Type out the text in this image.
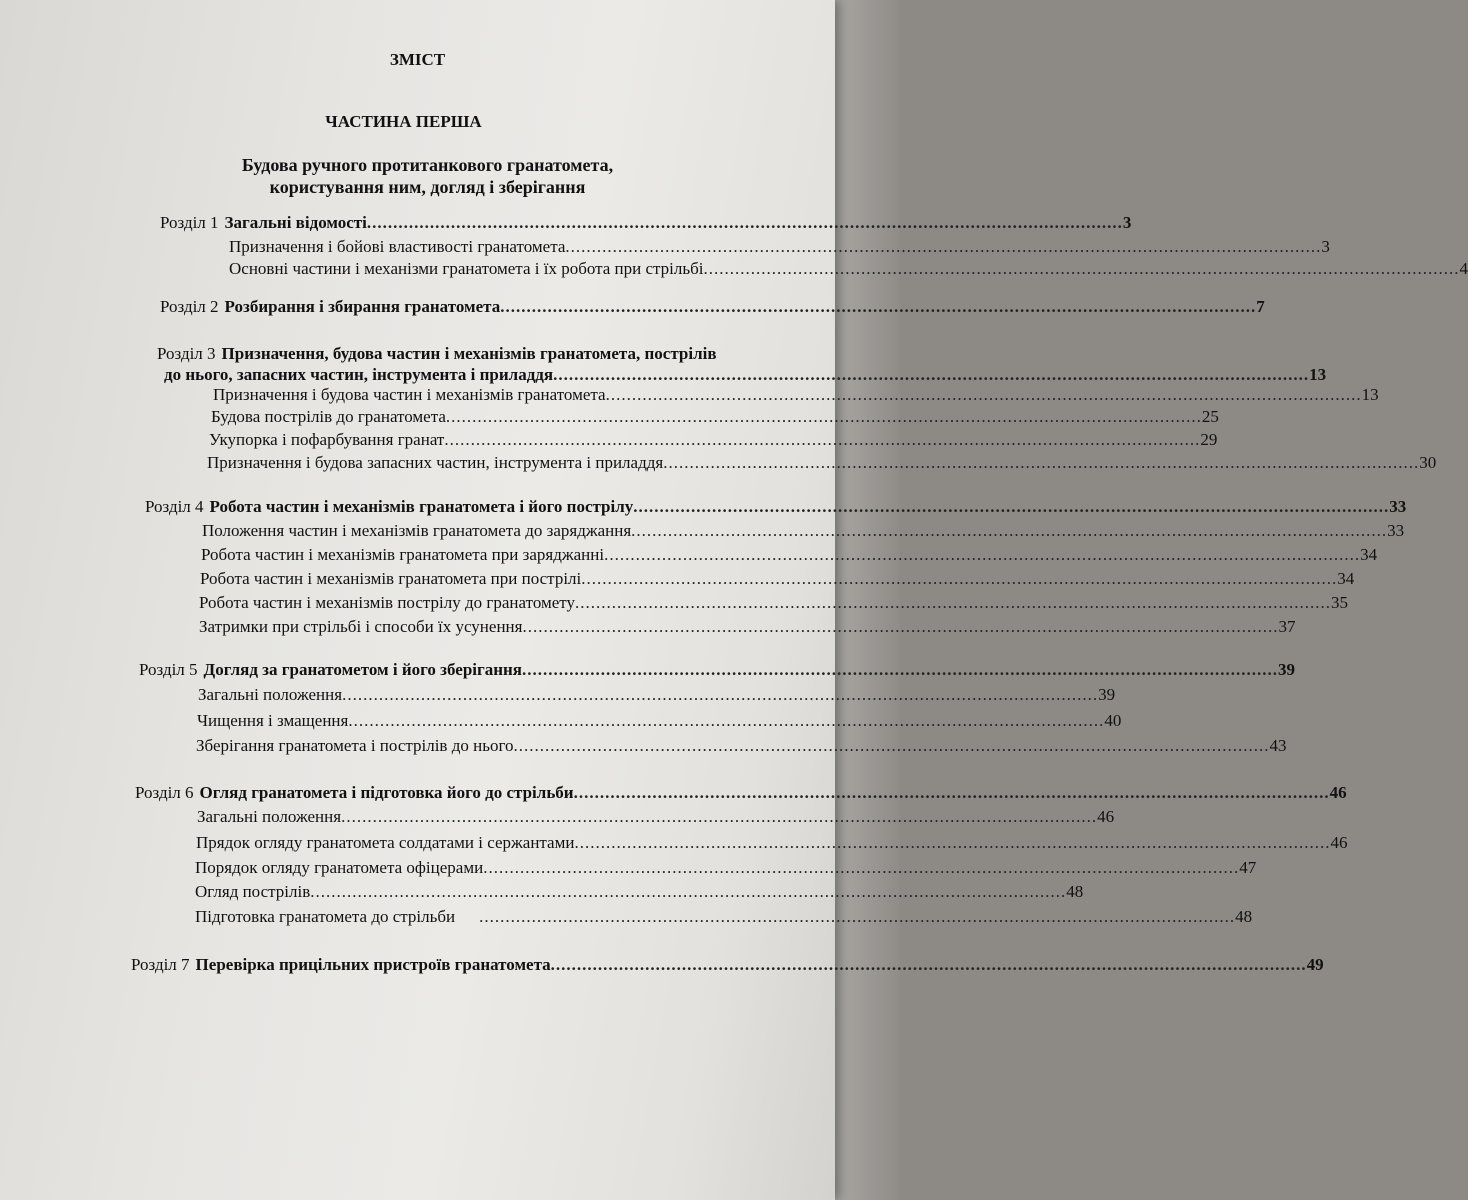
ЗМІСТ
ЧАСТИНА ПЕРША
Будова ручного протитанкового гранатомета,
користування ним, догляд і зберігання
Розділ 1 Загальні відомості ................................................................................................................................................ 3
Призначення і бойові властивості гранатомета ................................................................................................................................................ 3
Основні частини і механізми гранатомета і їх робота при стрільбі ................................................................................................................................................ 4
Розділ 2 Розбирання і збирання гранатомета ................................................................................................................................................ 7
Розділ 3 Призначення, будова частин і механізмів гранатомета, пострілів
до нього, запасних частин, інструмента і приладдя ................................................................................................................................................ 13
Призначення і будова частин і механізмів гранатомета ................................................................................................................................................ 13
Будова пострілів до гранатомета ................................................................................................................................................ 25
Укупорка і пофарбування гранат ................................................................................................................................................ 29
Призначення і будова запасних частин, інструмента і приладдя ................................................................................................................................................ 30
Розділ 4 Робота частин і механізмів гранатомета і його пострілу ................................................................................................................................................ 33
Положення частин і механізмів гранатомета до заряджання ................................................................................................................................................ 33
Робота частин і механізмів гранатомета при заряджанні ................................................................................................................................................ 34
Робота частин і механізмів гранатомета при пострілі ................................................................................................................................................ 34
Робота частин і механізмів пострілу до гранатомету ................................................................................................................................................ 35
Затримки при стрільбі і способи їх усунення ................................................................................................................................................ 37
Розділ 5 Догляд за гранатометом і його зберігання ................................................................................................................................................ 39
Загальні положення ................................................................................................................................................ 39
Чищення і змащення ................................................................................................................................................ 40
Зберігання гранатомета і пострілів до нього ................................................................................................................................................ 43
Розділ 6 Огляд гранатомета і підготовка його до стрільби ................................................................................................................................................ 46
Загальні положення ................................................................................................................................................ 46
Прядок огляду гранатомета солдатами і сержантами ................................................................................................................................................ 46
Порядок огляду гранатомета офіцерами ................................................................................................................................................ 47
Огляд пострілів ................................................................................................................................................ 48
Підготовка гранатомета до стрільби ................................................................................................................................................ 48
Розділ 7 Перевірка прицільних пристроїв гранатомета ................................................................................................................................................ 49
